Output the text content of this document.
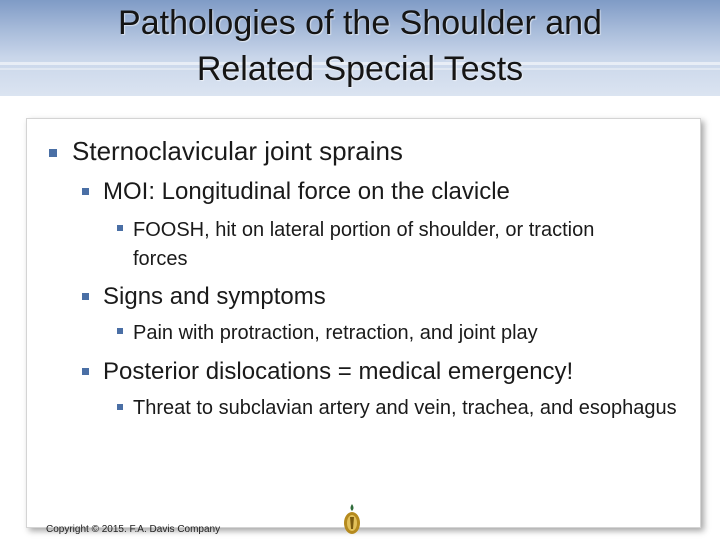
Pathologies of the Shoulder and
Related Special Tests

Sternoclavicular joint sprains

MOI: Longitudinal force on the clavicle

FOOSH, hit on lateral portion of shoulder, or traction forces

Signs and symptoms

Pain with protraction, retraction, and joint play

Posterior dislocations = medical emergency!

Threat to subclavian artery and vein, trachea, and esophagus

Copyright © 2015. F.A. Davis Company
